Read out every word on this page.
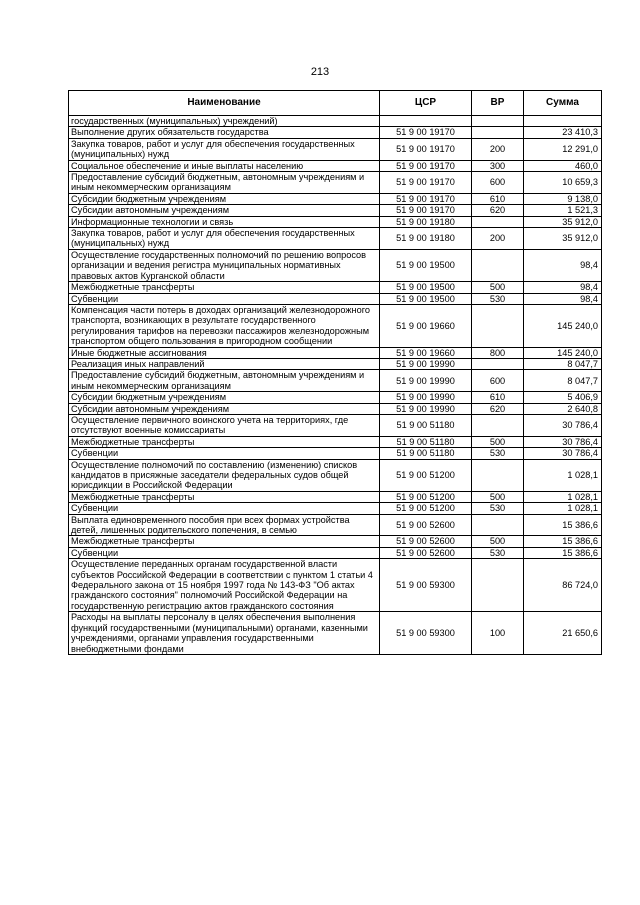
213
Наименование	ЦСР	ВР	Сумма
государственных (муниципальных) учреждений)			
Выполнение других обязательств государства	51 9 00 19170		23 410,3
Закупка товаров, работ и услуг для обеспечения государственных (муниципальных) нужд	51 9 00 19170	200	12 291,0
Социальное обеспечение и иные выплаты населению	51 9 00 19170	300	460,0
Предоставление субсидий бюджетным, автономным учреждениям и иным некоммерческим организациям	51 9 00 19170	600	10 659,3
Субсидии бюджетным учреждениям	51 9 00 19170	610	9 138,0
Субсидии автономным учреждениям	51 9 00 19170	620	1 521,3
Информационные технологии и связь	51 9 00 19180		35 912,0
Закупка товаров, работ и услуг для обеспечения государственных (муниципальных) нужд	51 9 00 19180	200	35 912,0
Осуществление государственных полномочий по решению вопросов организации и ведения регистра муниципальных нормативных правовых актов Курганской области	51 9 00 19500		98,4
Межбюджетные трансферты	51 9 00 19500	500	98,4
Субвенции	51 9 00 19500	530	98,4
Компенсация части потерь в доходах организаций железнодорожного транспорта, возникающих в результате государственного регулирования тарифов на перевозки пассажиров железнодорожным транспортом общего пользования в пригородном сообщении	51 9 00 19660		145 240,0
Иные бюджетные ассигнования	51 9 00 19660	800	145 240,0
Реализация иных направлений	51 9 00 19990		8 047,7
Предоставление субсидий бюджетным, автономным учреждениям и иным некоммерческим организациям	51 9 00 19990	600	8 047,7
Субсидии бюджетным учреждениям	51 9 00 19990	610	5 406,9
Субсидии автономным учреждениям	51 9 00 19990	620	2 640,8
Осуществление первичного воинского учета на территориях, где отсутствуют военные комиссариаты	51 9 00 51180		30 786,4
Межбюджетные трансферты	51 9 00 51180	500	30 786,4
Субвенции	51 9 00 51180	530	30 786,4
Осуществление полномочий по составлению (изменению) списков кандидатов в присяжные заседатели федеральных судов общей юрисдикции в Российской Федерации	51 9 00 51200		1 028,1
Межбюджетные трансферты	51 9 00 51200	500	1 028,1
Субвенции	51 9 00 51200	530	1 028,1
Выплата единовременного пособия при всех формах устройства детей, лишенных родительского попечения, в семью	51 9 00 52600		15 386,6
Межбюджетные трансферты	51 9 00 52600	500	15 386,6
Субвенции	51 9 00 52600	530	15 386,6
Осуществление переданных органам государственной власти субъектов Российской Федерации в соответствии с пунктом 1 статьи 4 Федерального закона от 15 ноября 1997 года № 143-ФЗ "Об актах гражданского состояния" полномочий Российской Федерации на государственную регистрацию актов гражданского состояния	51 9 00 59300		86 724,0
Расходы на выплаты персоналу в целях обеспечения выполнения функций государственными (муниципальными) органами, казенными учреждениями, органами управления государственными внебюджетными фондами	51 9 00 59300	100	21 650,6
